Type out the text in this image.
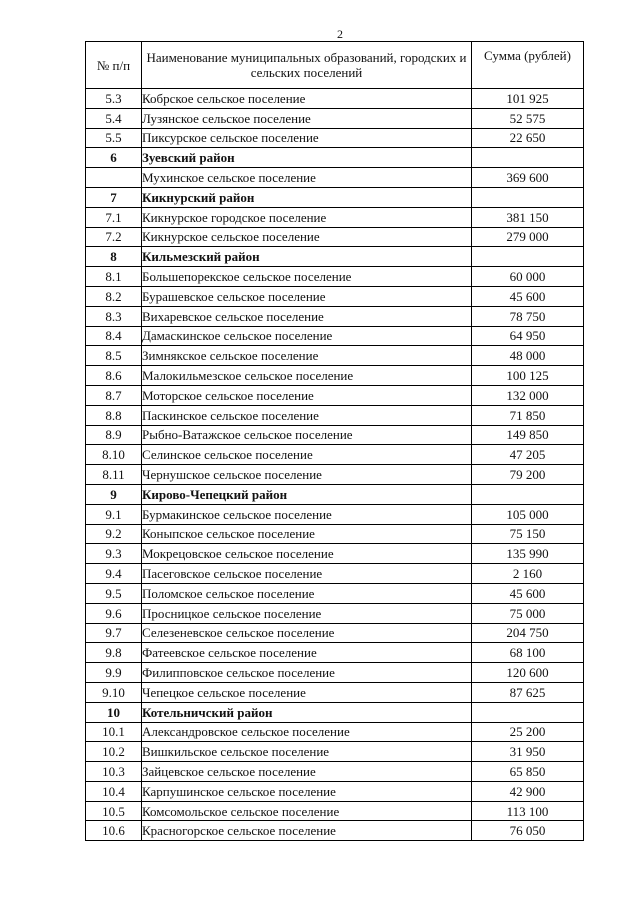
2
№ п/п	Наименование муниципальных образований, городских и сельских поселений	Сумма (рублей)
5.3	Кобрское сельское поселение	101 925
5.4	Лузянское сельское поселение	52 575
5.5	Пиксурское сельское поселение	22 650
6	Зуевский район	
	Мухинское сельское поселение	369 600
7	Кикнурский район	
7.1	Кикнурское городское поселение	381 150
7.2	Кикнурское сельское поселение	279 000
8	Кильмезский район	
8.1	Большепорекское сельское поселение	60 000
8.2	Бурашевское сельское поселение	45 600
8.3	Вихаревское сельское поселение	78 750
8.4	Дамаскинское сельское поселение	64 950
8.5	Зимнякское сельское поселение	48 000
8.6	Малокильмезское сельское поселение	100 125
8.7	Моторское сельское поселение	132 000
8.8	Паскинское сельское поселение	71 850
8.9	Рыбно-Ватажское сельское поселение	149 850
8.10	Селинское сельское поселение	47 205
8.11	Чернушское сельское поселение	79 200
9	Кирово-Чепецкий район	
9.1	Бурмакинское сельское поселение	105 000
9.2	Коныпское сельское поселение	75 150
9.3	Мокрецовское сельское поселение	135 990
9.4	Пасеговское сельское поселение	2 160
9.5	Поломское сельское поселение	45 600
9.6	Просницкое сельское поселение	75 000
9.7	Селезеневское сельское поселение	204 750
9.8	Фатеевское сельское поселение	68 100
9.9	Филипповское сельское поселение	120 600
9.10	Чепецкое сельское поселение	87 625
10	Котельничский район	
10.1	Александровское сельское поселение	25 200
10.2	Вишкильское сельское поселение	31 950
10.3	Зайцевское сельское поселение	65 850
10.4	Карпушинское сельское поселение	42 900
10.5	Комсомольское сельское поселение	113 100
10.6	Красногорское сельское поселение	76 050
